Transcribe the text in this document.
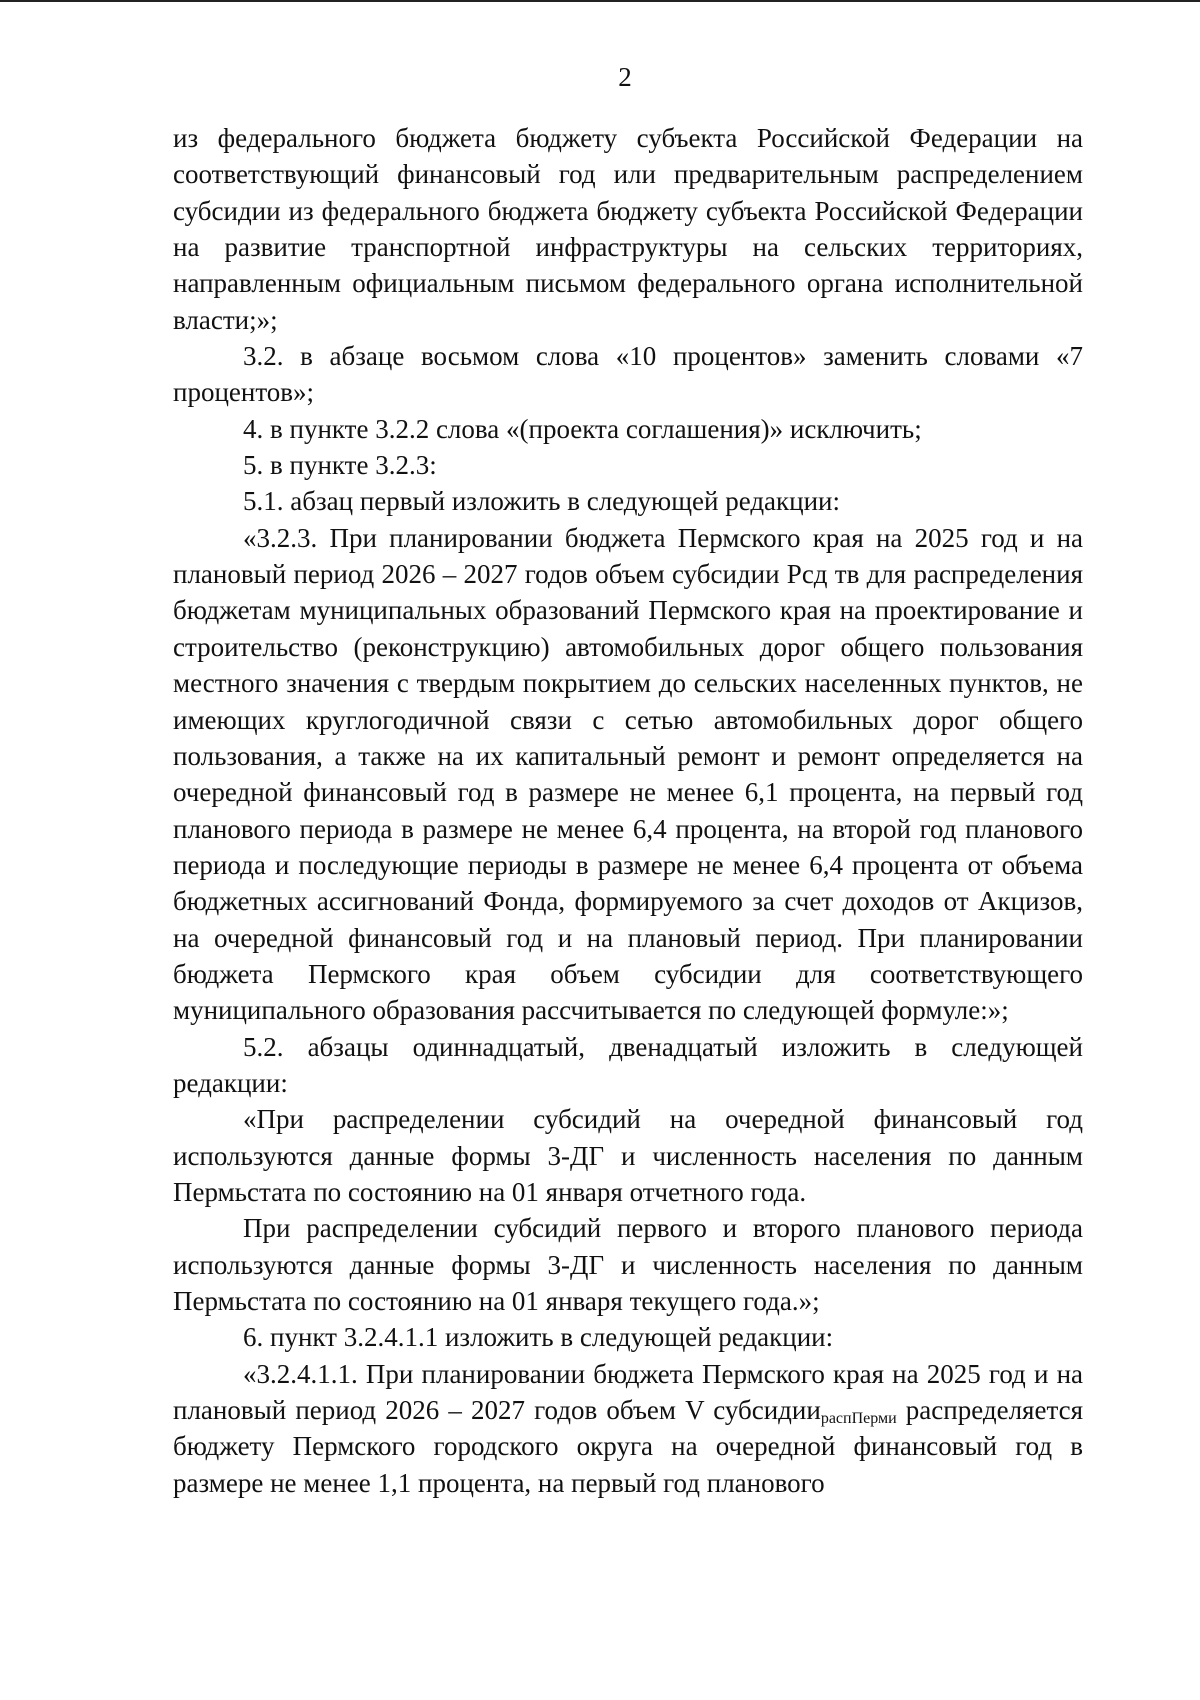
2

из федерального бюджета бюджету субъекта Российской Федерации на соответствующий финансовый год или предварительным распределением субсидии из федерального бюджета бюджету субъекта Российской Федерации на развитие транспортной инфраструктуры на сельских территориях, направленным официальным письмом федерального органа исполнительной власти;»;

3.2. в абзаце восьмом слова «10 процентов» заменить словами «7 процентов»;

4. в пункте 3.2.2 слова «(проекта соглашения)» исключить;

5. в пункте 3.2.3:

5.1. абзац первый изложить в следующей редакции:

«3.2.3. При планировании бюджета Пермского края на 2025 год и на плановый период 2026 – 2027 годов объем субсидии Рсд тв для распределения бюджетам муниципальных образований Пермского края на проектирование и строительство (реконструкцию) автомобильных дорог общего пользования местного значения с твердым покрытием до сельских населенных пунктов, не имеющих круглогодичной связи с сетью автомобильных дорог общего пользования, а также на их капитальный ремонт и ремонт определяется на очередной финансовый год в размере не менее 6,1 процента, на первый год планового периода в размере не менее 6,4 процента, на второй год планового периода и последующие периоды в размере не менее 6,4 процента от объема бюджетных ассигнований Фонда, формируемого за счет доходов от Акцизов, на очередной финансовый год и на плановый период. При планировании бюджета Пермского края объем субсидии для соответствующего муниципального образования рассчитывается по следующей формуле:»;

5.2. абзацы одиннадцатый, двенадцатый изложить в следующей редакции:

«При распределении субсидий на очередной финансовый год используются данные формы 3-ДГ и численность населения по данным Пермьстата по состоянию на 01 января отчетного года.

При распределении субсидий первого и второго планового периода используются данные формы 3-ДГ и численность населения по данным Пермьстата по состоянию на 01 января текущего года.»;

6. пункт 3.2.4.1.1 изложить в следующей редакции:

«3.2.4.1.1. При планировании бюджета Пермского края на 2025 год и на плановый период 2026 – 2027 годов объем V субсидии$_{распПерми}$ распределяется бюджету Пермского городского округа на очередной финансовый год в размере не менее 1,1 процента, на первый год планового
